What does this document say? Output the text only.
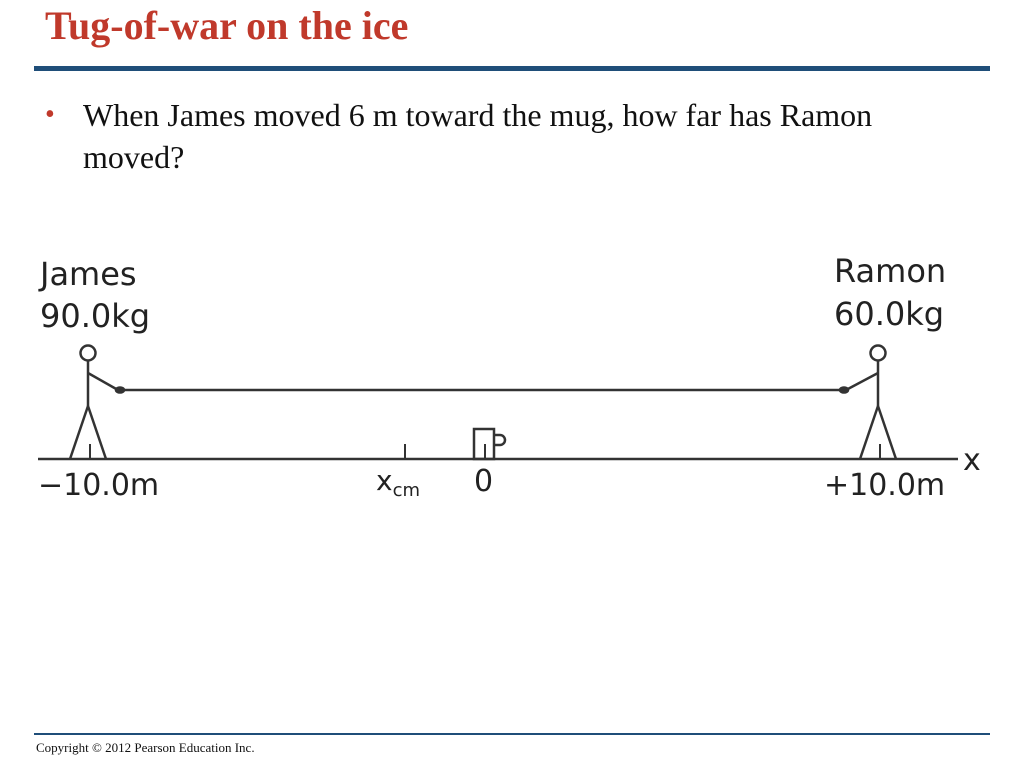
Tug-of-war on the ice
• When James moved 6 m toward the mug, how far has Ramon moved?
James
90.0kg
Ramon
60.0kg
x
−10.0m	$x_{cm}$ 0	+10.0m
Copyright © 2012 Pearson Education Inc.
